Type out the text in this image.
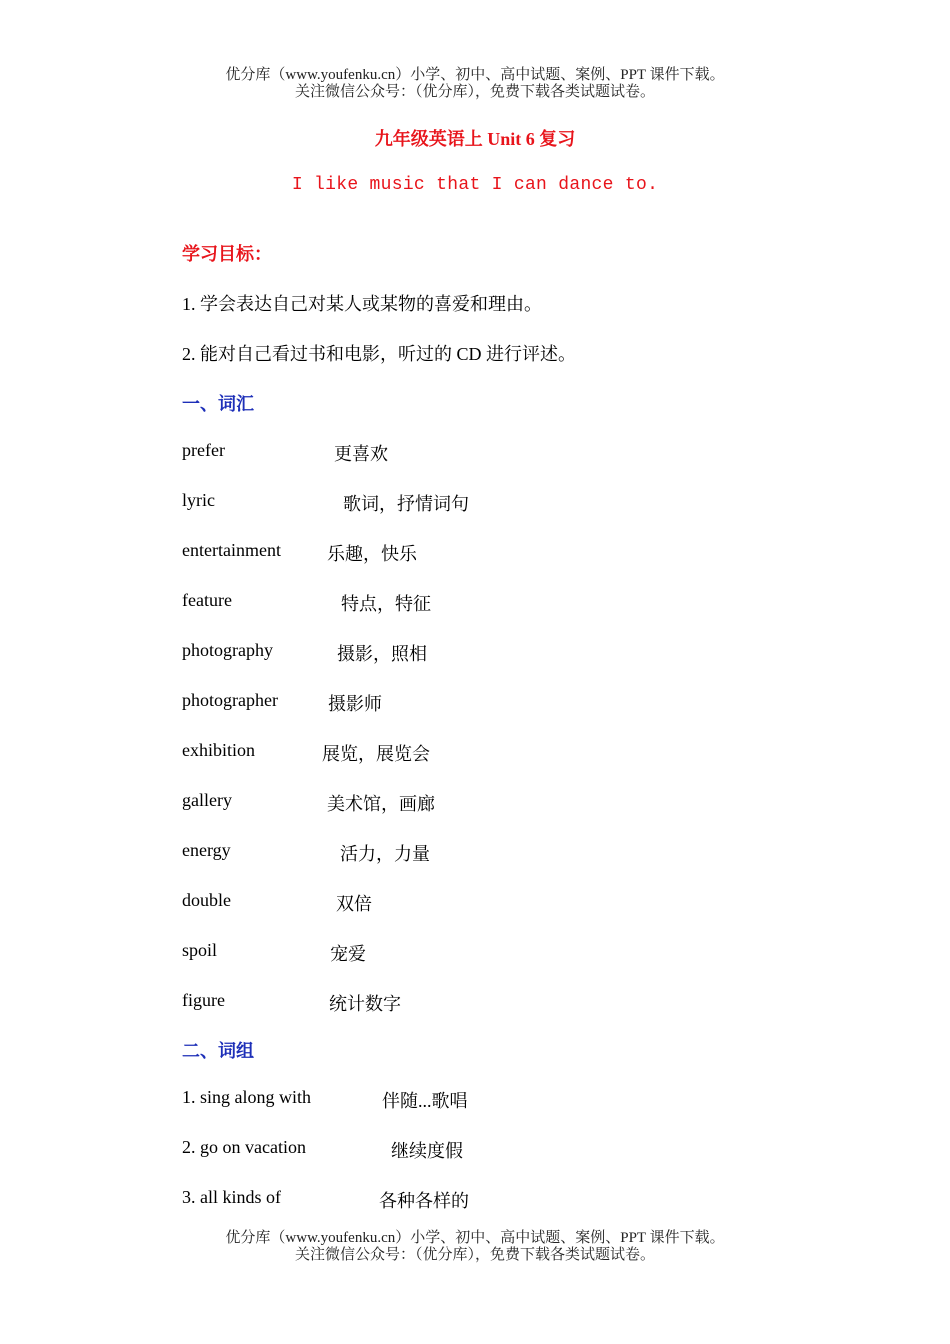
优分库（www.youfenku.cn）小学、初中、高中试题、案例、PPT 课件下载。
关注微信公众号：（优分库），免费下载各类试题试卷。
九年级英语上 Unit 6 复习
I like music that I can dance to.
学习目标：
1. 学会表达自己对某人或某物的喜爱和理由。
2. 能对自己看过书和电影，听过的 CD 进行评述。
一、词汇
prefer	更喜欢
lyric	歌词，抒情词句
entertainment	乐趣，快乐
feature	特点，特征
photography	摄影，照相
photographer	摄影师
exhibition	展览，展览会
gallery	美术馆，画廊
energy	活力，力量
double	双倍
spoil	宠爱
figure	统计数字
二、词组
1. sing along with	伴随...歌唱
2. go on vacation	继续度假
3. all kinds of	各种各样的
优分库（www.youfenku.cn）小学、初中、高中试题、案例、PPT 课件下载。
关注微信公众号：（优分库），免费下载各类试题试卷。
